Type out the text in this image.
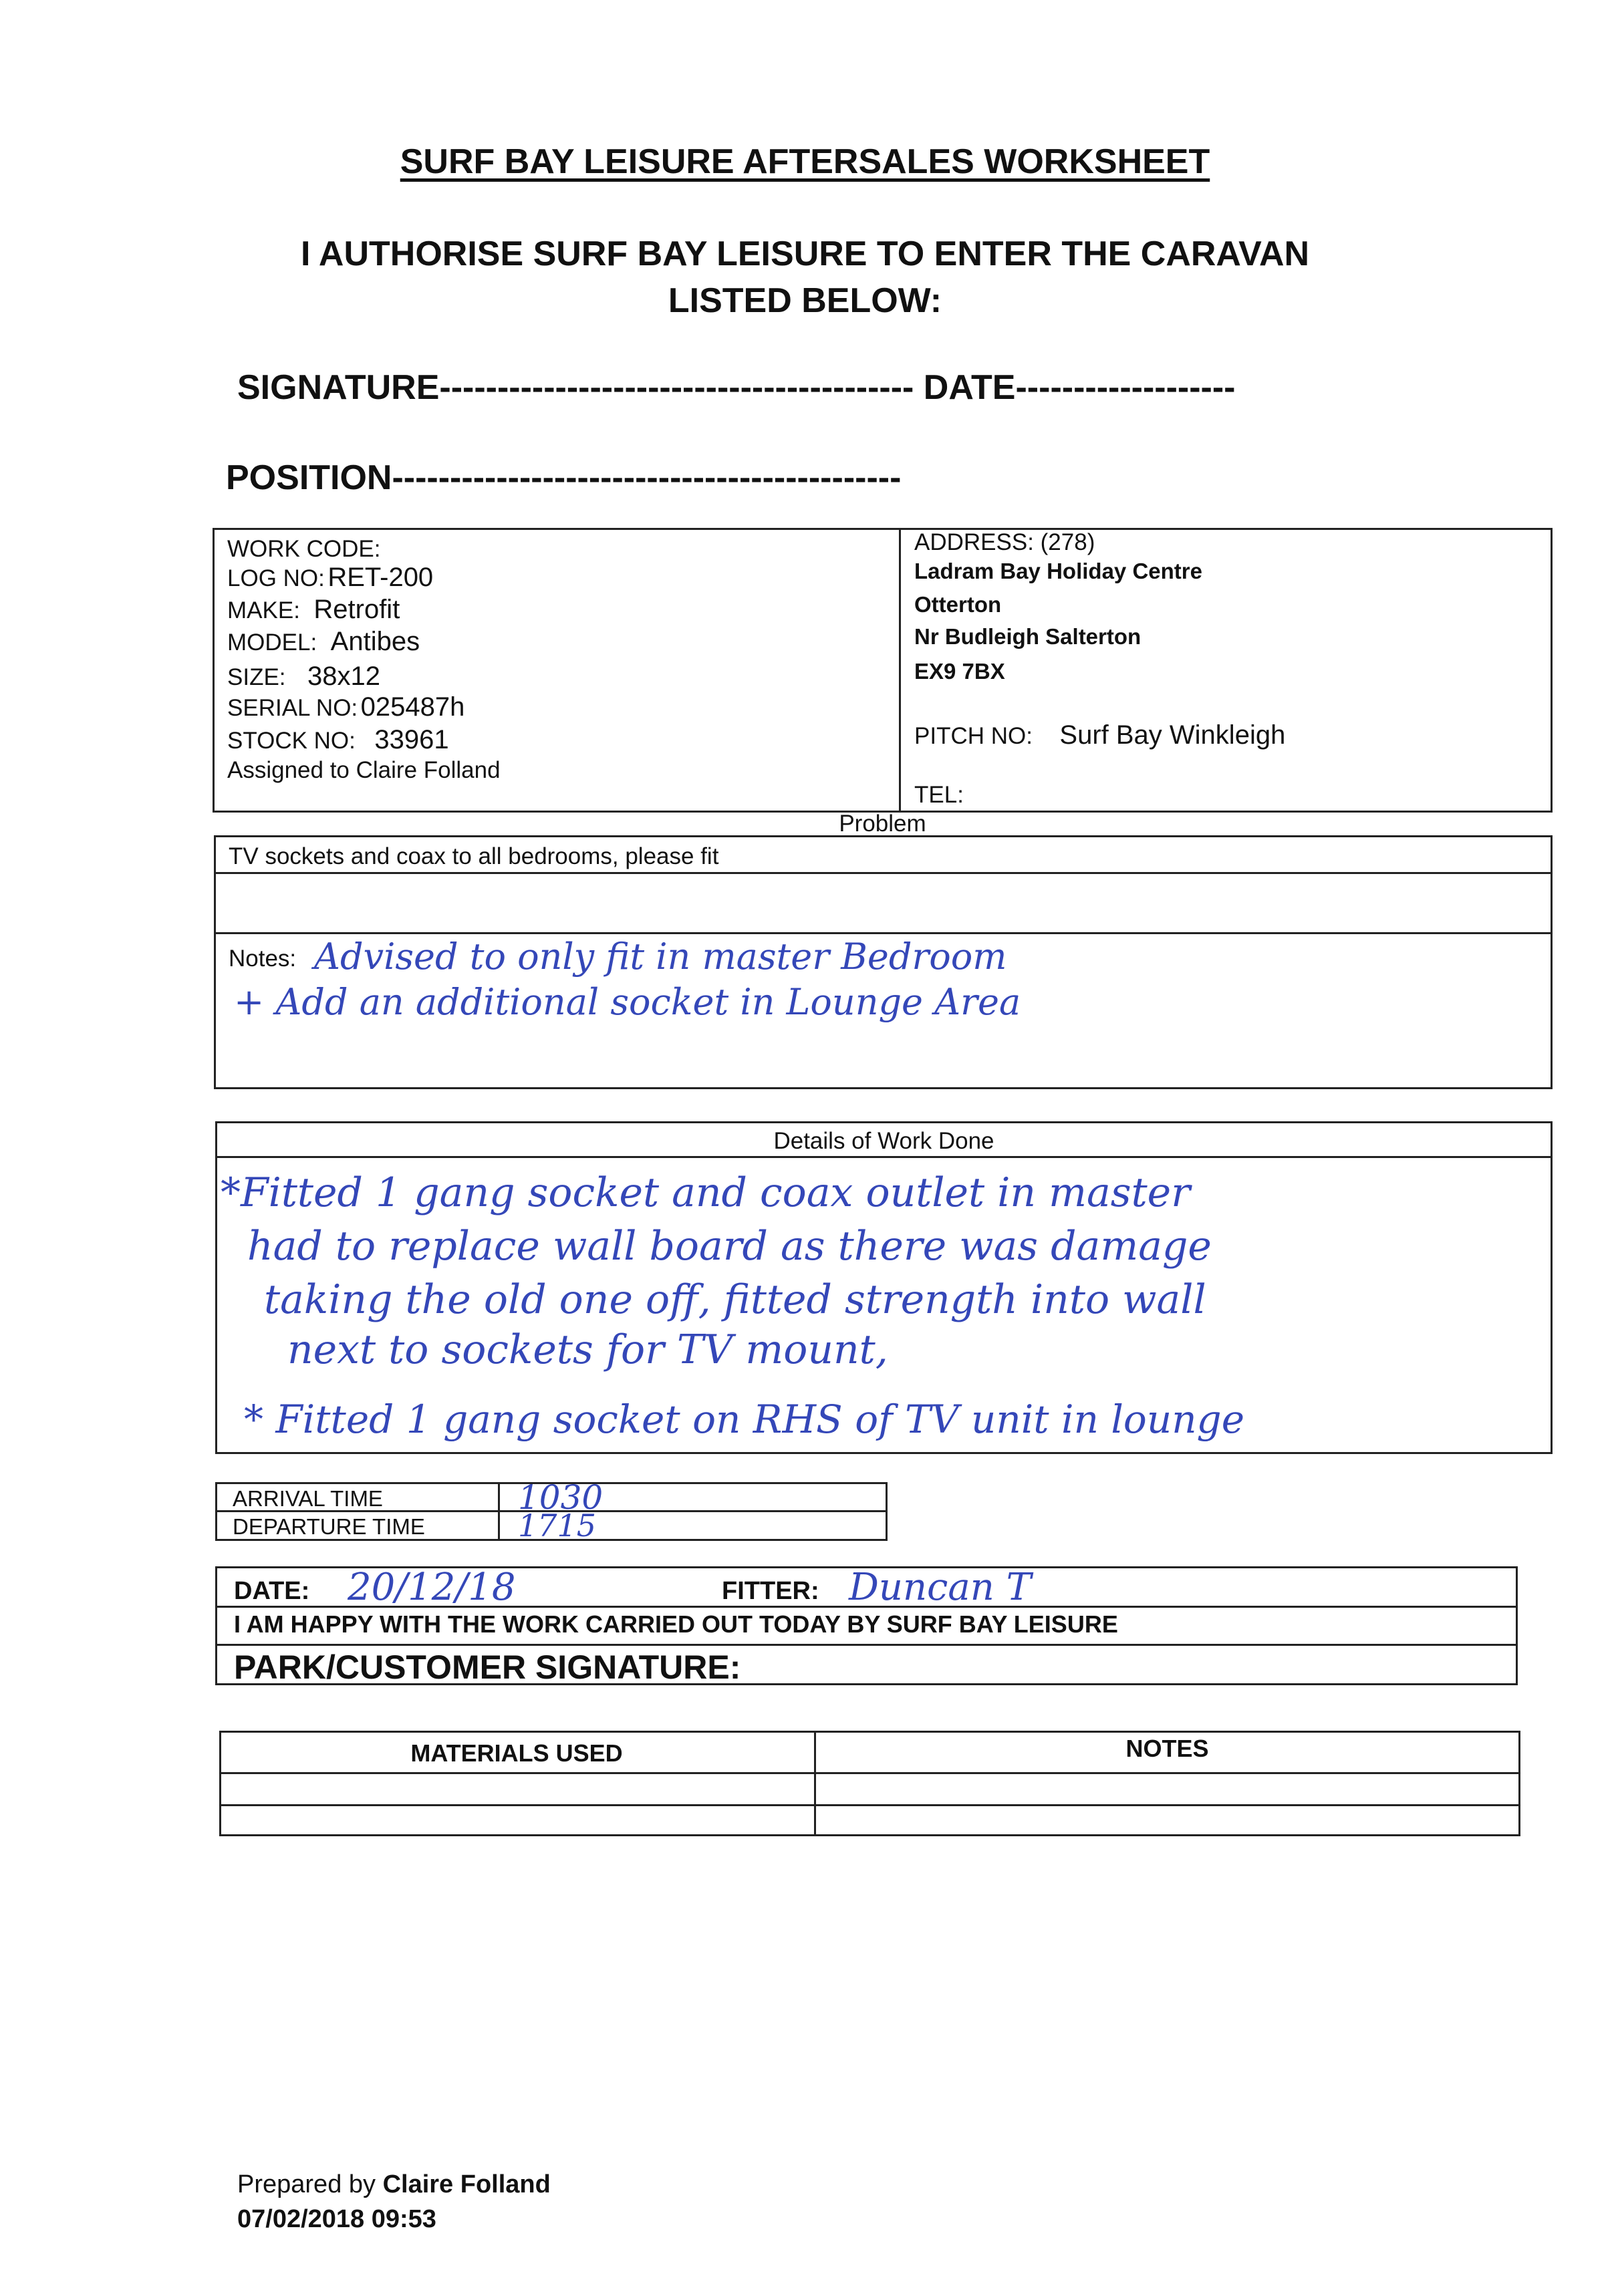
SURF BAY LEISURE AFTERSALES WORKSHEET
I AUTHORISE SURF BAY LEISURE TO ENTER THE CARAVAN
LISTED BELOW:
SIGNATURE----------------------------------------- DATE-------------------
POSITION--------------------------------------------
WORK CODE:
LOG NO: RET-200
MAKE: Retrofit
MODEL: Antibes
SIZE: 38x12
SERIAL NO: 025487h
STOCK NO: 33961
Assigned to Claire Folland
ADDRESS: (278)
Ladram Bay Holiday Centre
Otterton
Nr Budleigh Salterton
EX9 7BX
PITCH NO: Surf Bay Winkleigh
TEL:
Problem
TV sockets and coax to all bedrooms, please fit
Notes: Advised to only fit in master Bedroom
+ Add an additional socket in Lounge Area
Details of Work Done
*Fitted 1 gang socket and coax outlet in master
had to replace wall board as there was damage
taking the old one off, fitted strength into wall
next to sockets for TV mount,
* Fitted 1 gang socket on RHS of TV unit in lounge
ARRIVAL TIME
DEPARTURE TIME
1030
1715
DATE: 20/12/18	FITTER: Duncan T
I AM HAPPY WITH THE WORK CARRIED OUT TODAY BY SURF BAY LEISURE
PARK/CUSTOMER SIGNATURE:
MATERIALS USED	NOTES
Prepared by Claire Folland
07/02/2018 09:53
